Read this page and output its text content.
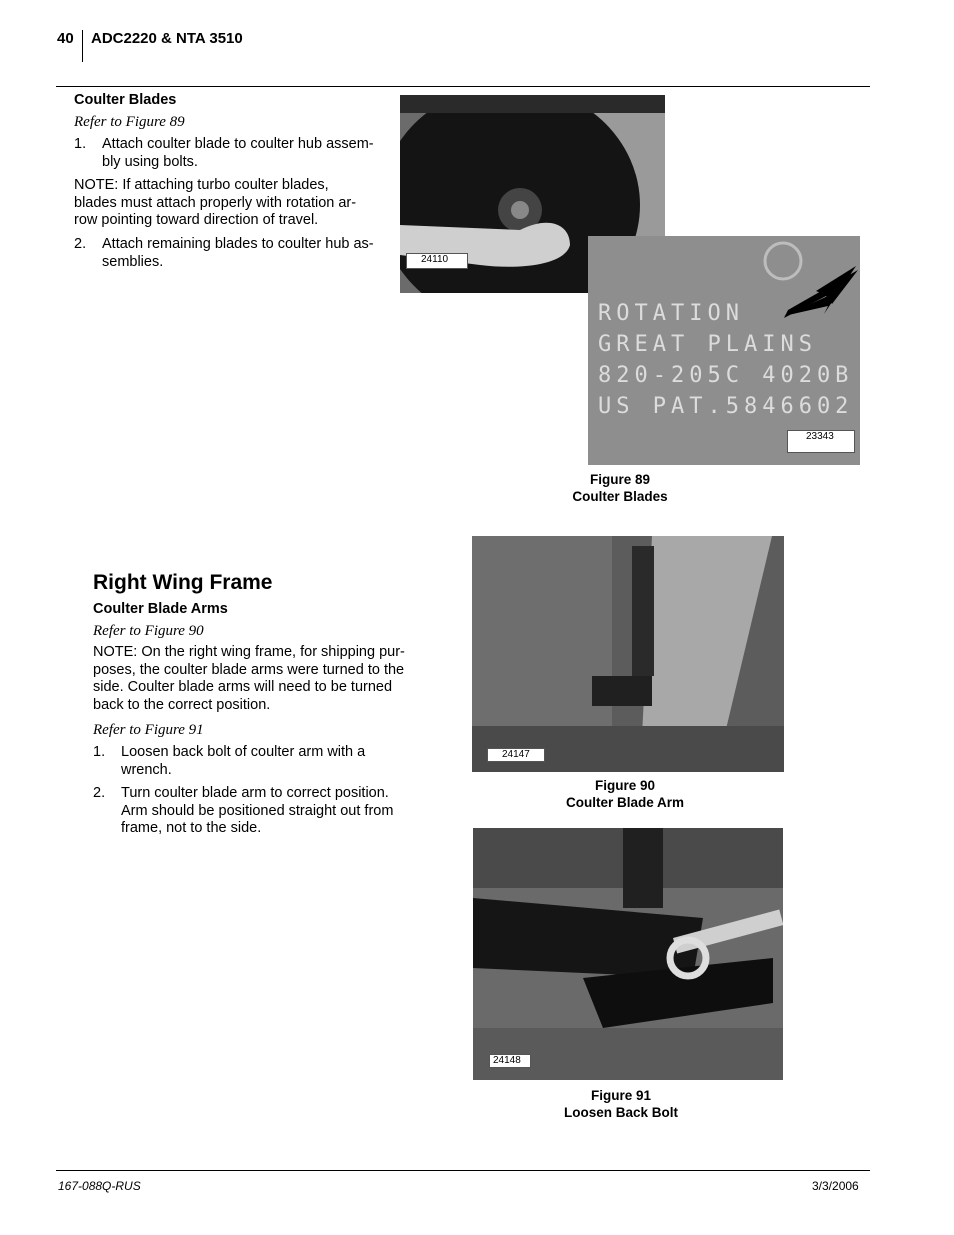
40 ADC2220 & NTA 3510
Coulter Blades
Refer to Figure 89
1. Attach coulter blade to coulter hub assem-
bly using bolts.
NOTE: If attaching turbo coulter blades,
blades must attach properly with rotation ar-
row pointing toward direction of travel.
2. Attach remaining blades to coulter hub as-
semblies.	24110
ROTATION
GREAT PLAINS
820-205C 4020B
US PAT.5846602
23343
Figure 89
Coulter Blades
Right Wing Frame
Coulter Blade Arms
Refer to Figure 90
NOTE: On the right wing frame, for shipping pur-
poses, the coulter blade arms were turned to the
side. Coulter blade arms will need to be turned
back to the correct position.
Refer to Figure 91
1. Loosen back bolt of coulter arm with a
wrench.
2. Turn coulter blade arm to correct position.
Arm should be positioned straight out from
frame, not to the side.
24147
Figure 90
Coulter Blade Arm
24148
Figure 91
Loosen Back Bolt
167-088Q-RUS	3/3/2006
